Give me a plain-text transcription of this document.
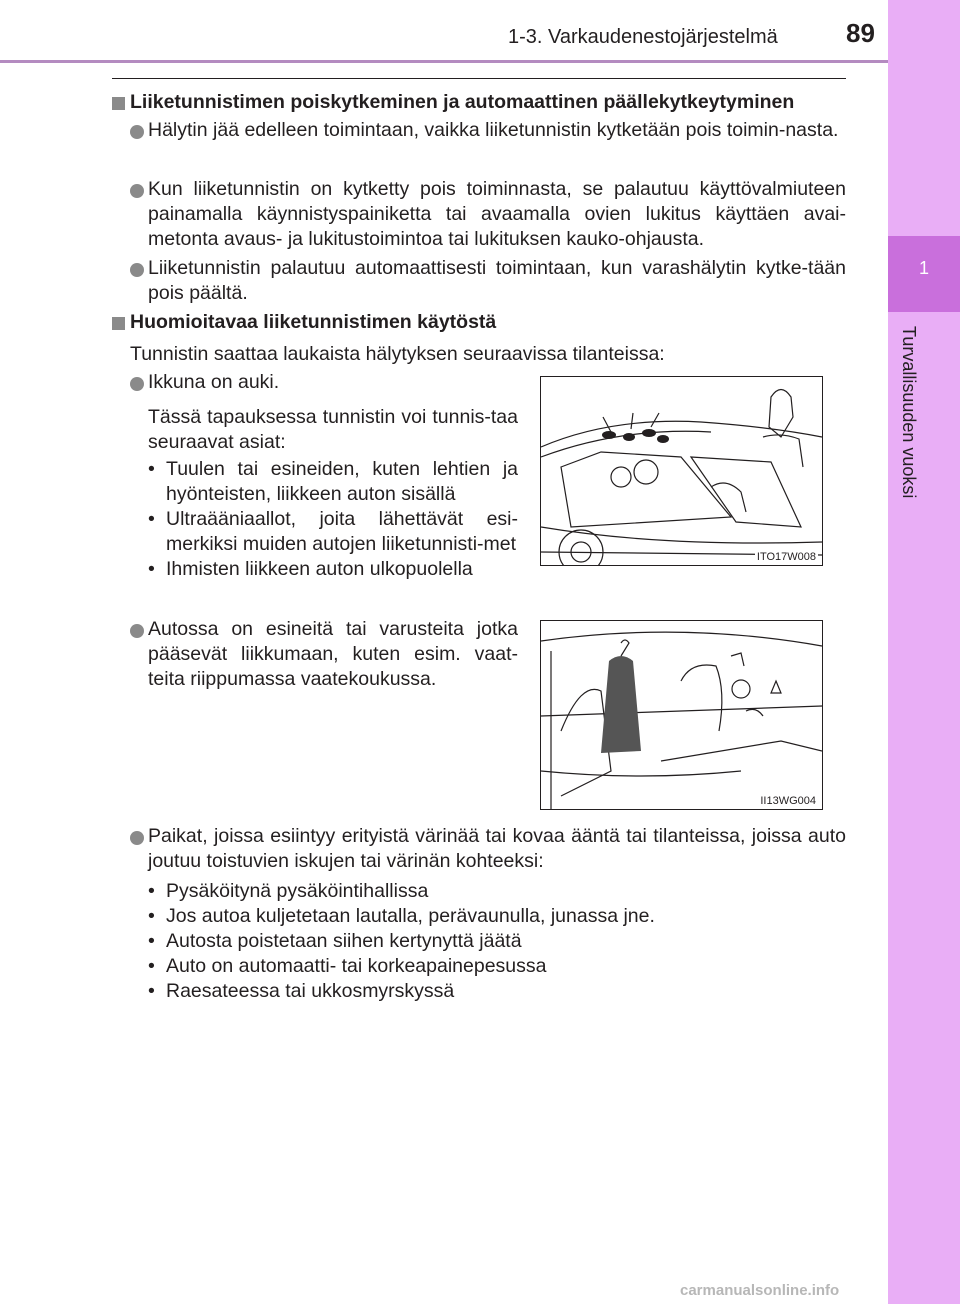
1-3. Varkaudenestojärjestelmä	89
1
Turvallisuuden vuoksi

Liiketunnistimen poiskytkeminen ja automaattinen päällekytkeytyminen

Hälytin jää edelleen toimintaan, vaikka liiketunnistin kytketään pois toimin-nasta.

Kun liiketunnistin on kytketty pois toiminnasta, se palautuu käyttövalmiuteen painamalla käynnistyspainiketta tai avaamalla ovien lukitus käyttäen avai-metonta avaus- ja lukitustoimintoa tai lukituksen kauko-ohjausta.

Liiketunnistin palautuu automaattisesti toimintaan, kun varashälytin kytke-tään pois päältä.

Huomioitavaa liiketunnistimen käytöstä

Tunnistin saattaa laukaista hälytyksen seuraavissa tilanteissa:

Ikkuna on auki.

Tässä tapauksessa tunnistin voi tunnis-taa seuraavat asiat:

• Tuulen tai esineiden, kuten lehtien ja hyönteisten, liikkeen auton sisällä
• Ultraääniaallot, joita lähettävät esi-merkiksi muiden autojen liiketunnisti-met
• Ihmisten liikkeen auton ulkopuolella
ITO17W008

Autossa on esineitä tai varusteita jotka pääsevät liikkumaan, kuten esim. vaat-teita riippumassa vaatekoukussa.

II13WG004

Paikat, joissa esiintyy erityistä värinää tai kovaa ääntä tai tilanteissa, joissa auto joutuu toistuvien iskujen tai värinän kohteeksi:

• Pysäköitynä pysäköintihallissa
• Jos autoa kuljetetaan lautalla, perävaunulla, junassa jne.
• Autosta poistetaan siihen kertynyttä jäätä
• Auto on automaatti- tai korkeapainepesussa
• Raesateessa tai ukkosmyrskyssä
carmanualsonline.info
